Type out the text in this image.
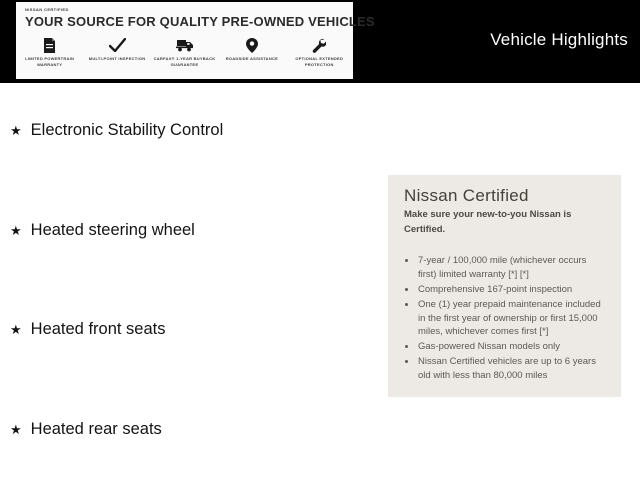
NISSAN CERTIFIED
YOUR SOURCE FOR QUALITY PRE-OWNED VEHICLES
LIMITED POWERTRAIN WARRANTY
MULTI-POINT INSPECTION	CARFAX® 1-YEAR BUYBACK GUARANTEE
ROADSIDE ASSISTANCE	OPTIONAL EXTENDED PROTECTION
Vehicle Highlights
★ Electronic Stability Control
★ Heated steering wheel
★ Heated front seats
★ Heated rear seats
Nissan Certified
Make sure your new-to-you Nissan is Certified.
• 7-year / 100,000 mile (whichever occurs first) limited warranty [*] [*]
• Comprehensive 167-point inspection
• One (1) year prepaid maintenance included in the first year of ownership or first 15,000 miles, whichever comes first [*]
• Gas-powered Nissan models only
• Nissan Certified vehicles are up to 6 years old with less than 80,000 miles
